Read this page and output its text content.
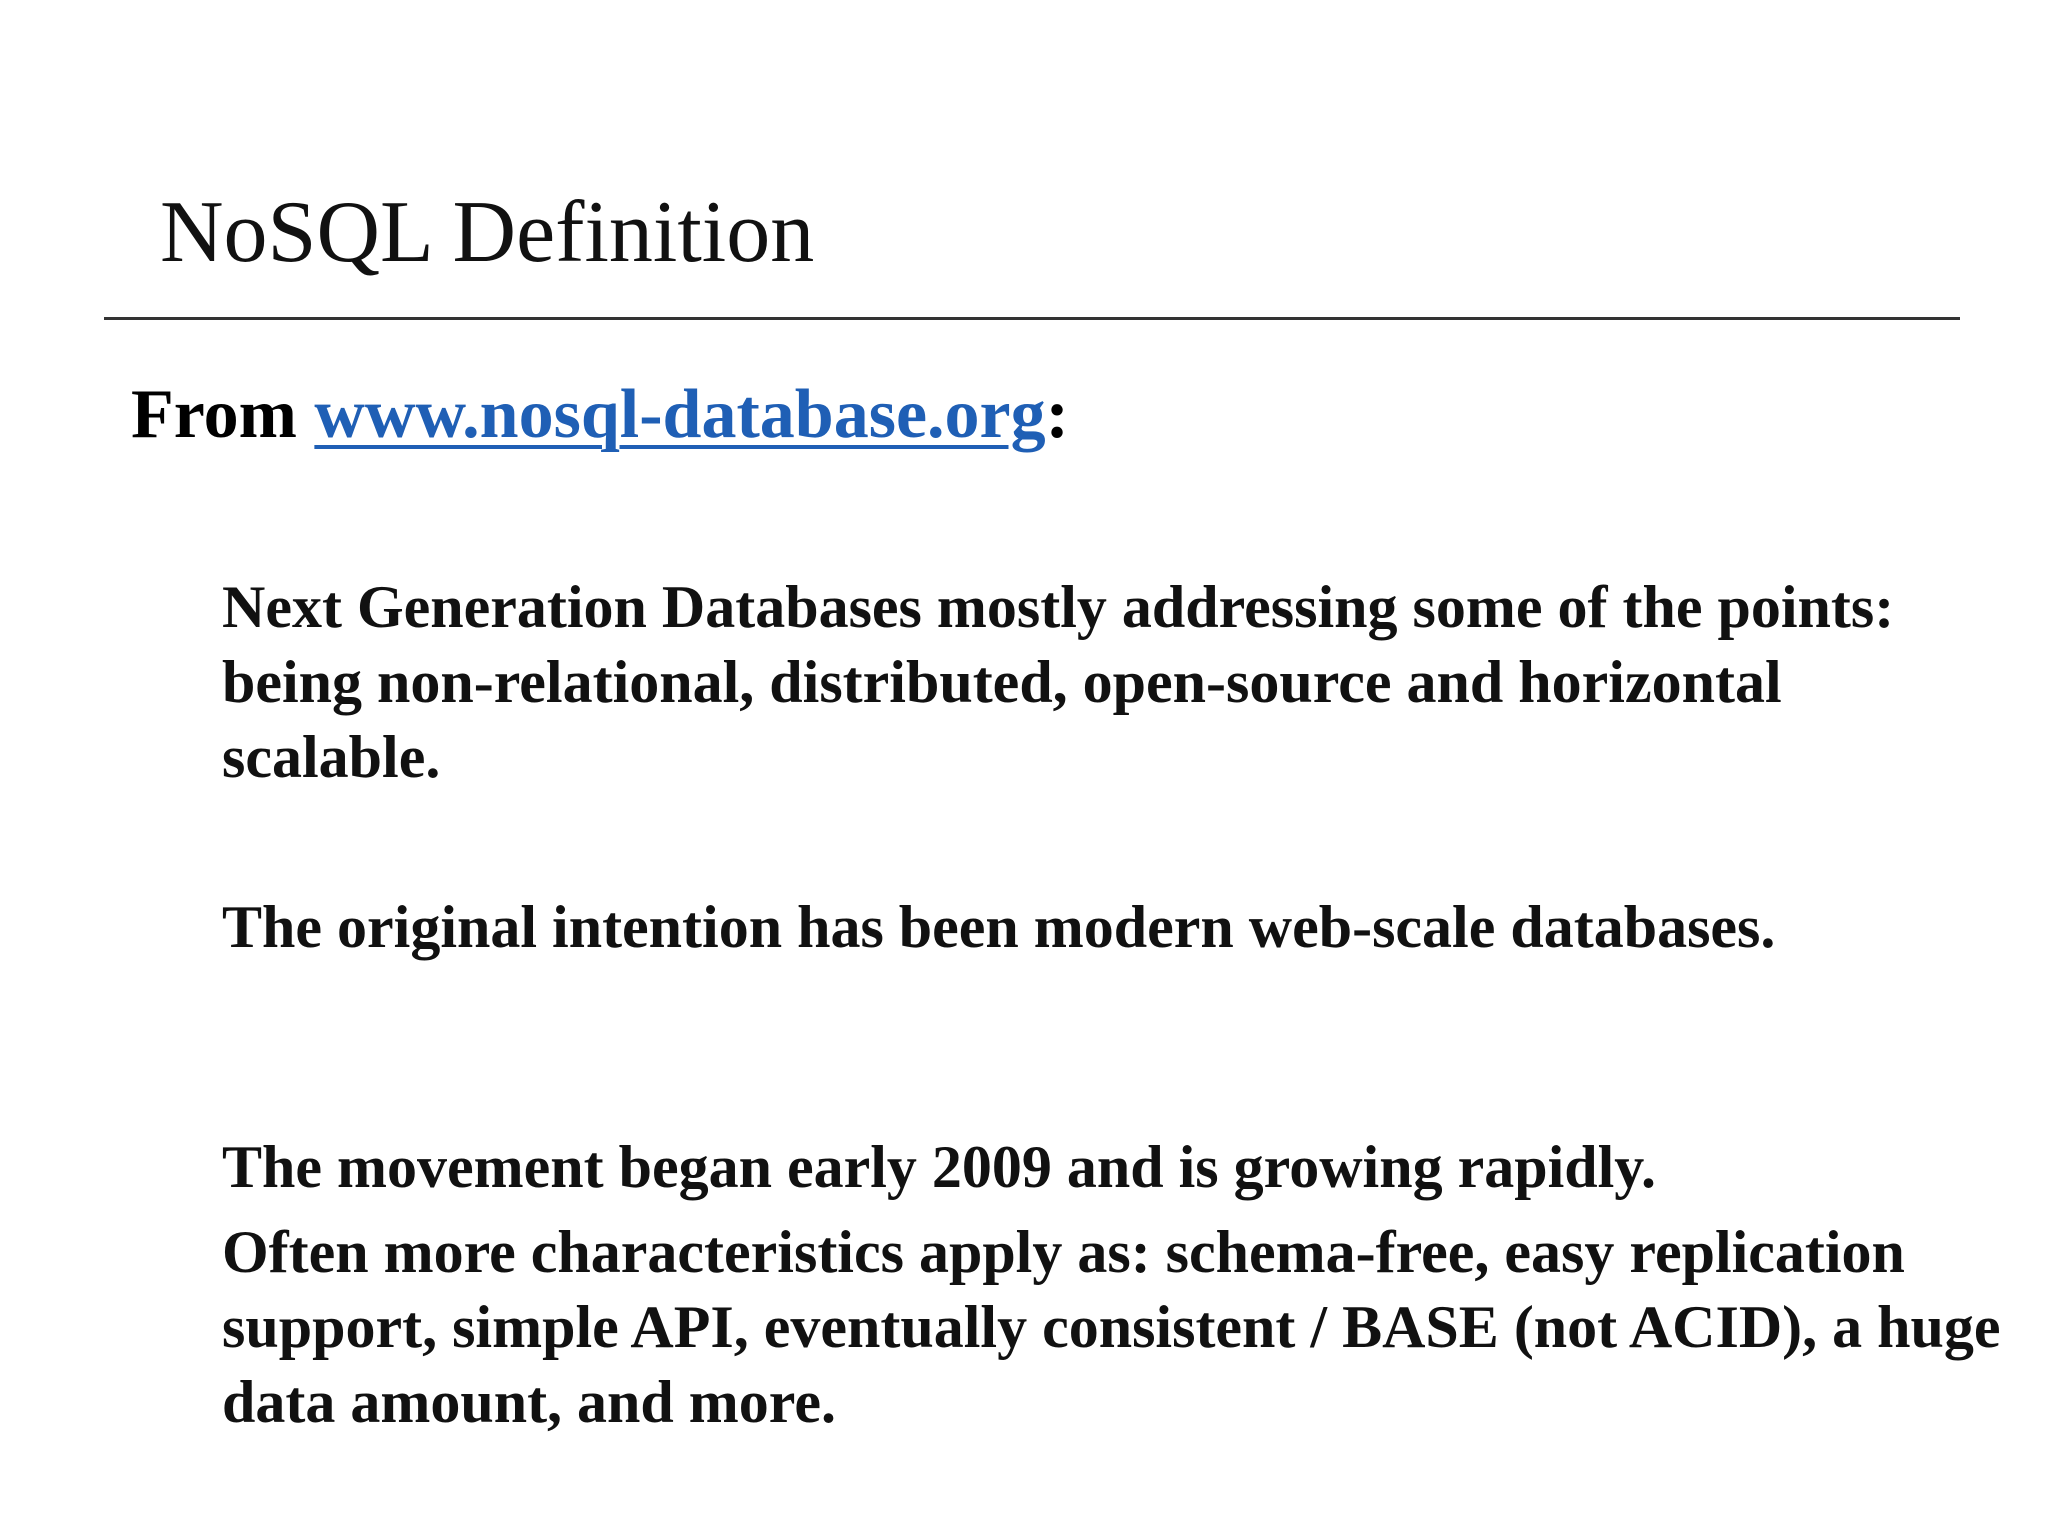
NoSQL Definition

From www.nosql-database.org:

Next Generation Databases mostly addressing some of the points: being non-relational, distributed, open-source and horizontal scalable.

The original intention has been modern web-scale databases.

The movement began early 2009 and is growing rapidly.

Often more characteristics apply as: schema-free, easy replication support, simple API, eventually consistent / BASE (not ACID), a huge data amount, and more.
